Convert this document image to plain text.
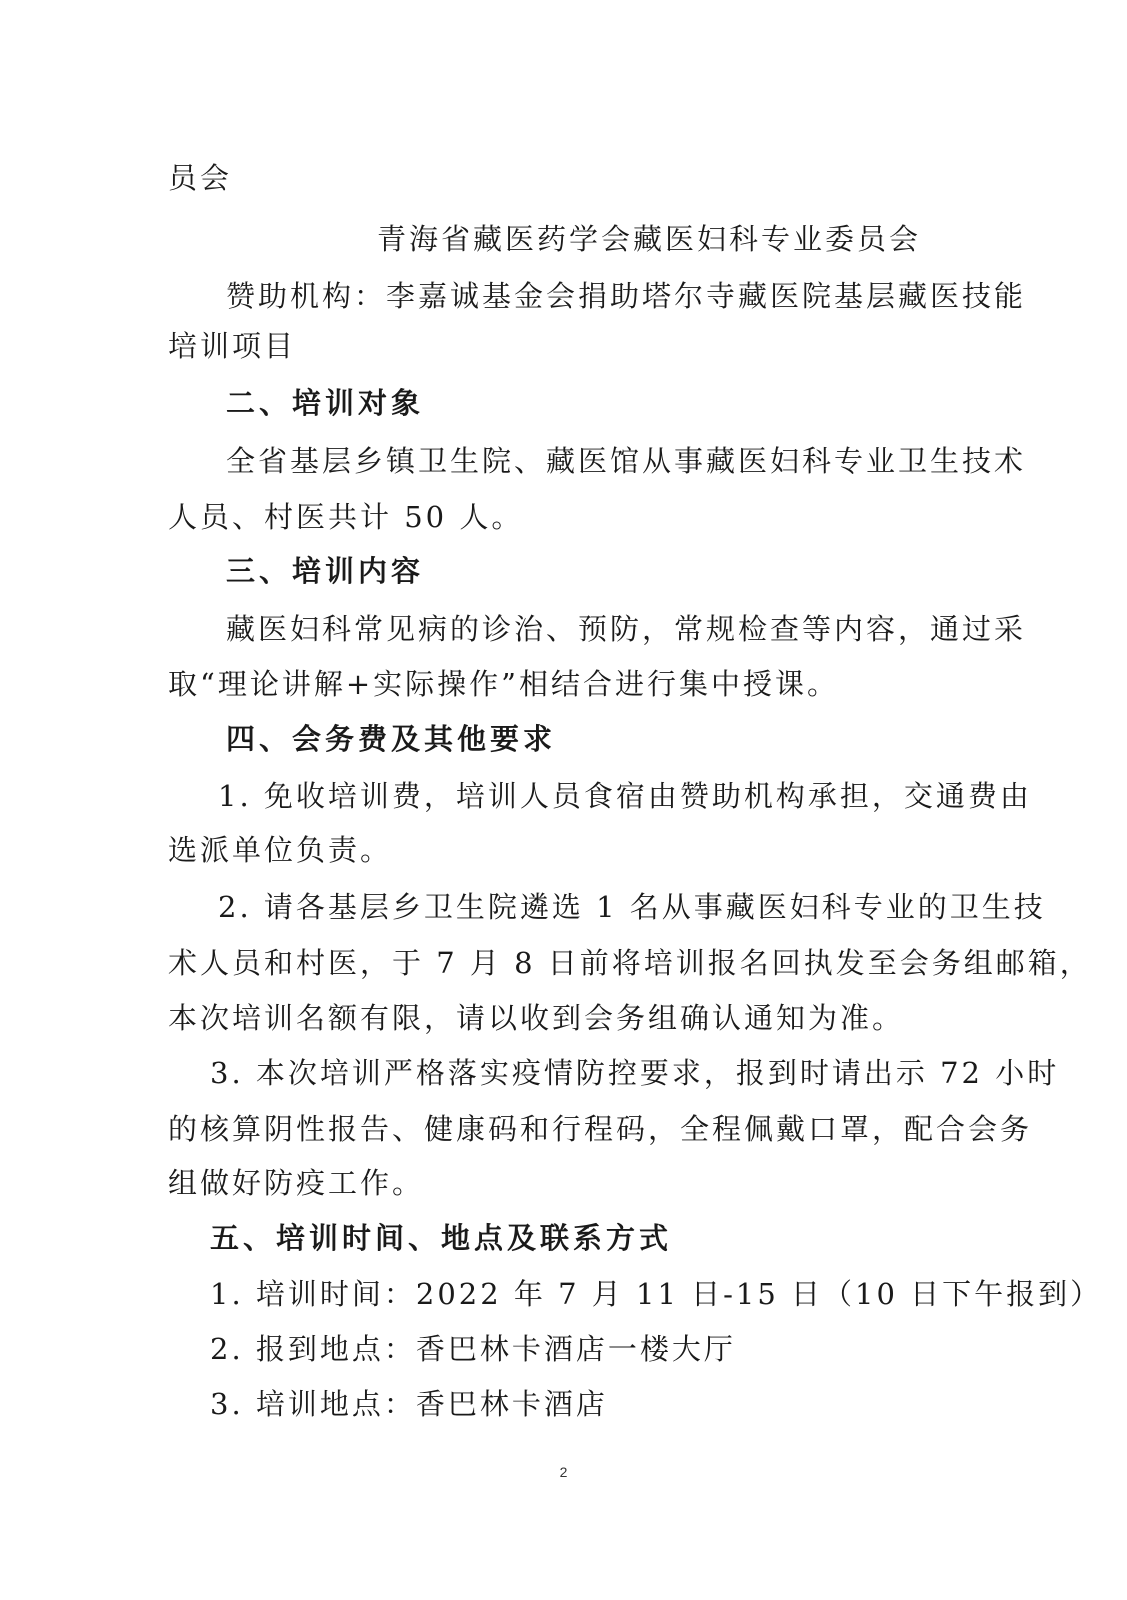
员会
青海省藏医药学会藏医妇科专业委员会
赞助机构：李嘉诚基金会捐助塔尔寺藏医院基层藏医技能
培训项目
二、培训对象
全省基层乡镇卫生院、藏医馆从事藏医妇科专业卫生技术
人员、村医共计 50 人。
三、培训内容
藏医妇科常见病的诊治、预防，常规检查等内容，通过采
取“理论讲解+实际操作”相结合进行集中授课。
四、会务费及其他要求
1. 免收培训费，培训人员食宿由赞助机构承担，交通费由
选派单位负责。
2. 请各基层乡卫生院遴选 1 名从事藏医妇科专业的卫生技
术人员和村医，于 7 月 8 日前将培训报名回执发至会务组邮箱，
本次培训名额有限，请以收到会务组确认通知为准。
3. 本次培训严格落实疫情防控要求，报到时请出示 72 小时
的核算阴性报告、健康码和行程码，全程佩戴口罩，配合会务
组做好防疫工作。
五、培训时间、地点及联系方式
1. 培训时间：2022 年 7 月 11 日-15 日（10 日下午报到）
2. 报到地点：香巴林卡酒店一楼大厅
3. 培训地点：香巴林卡酒店
2
